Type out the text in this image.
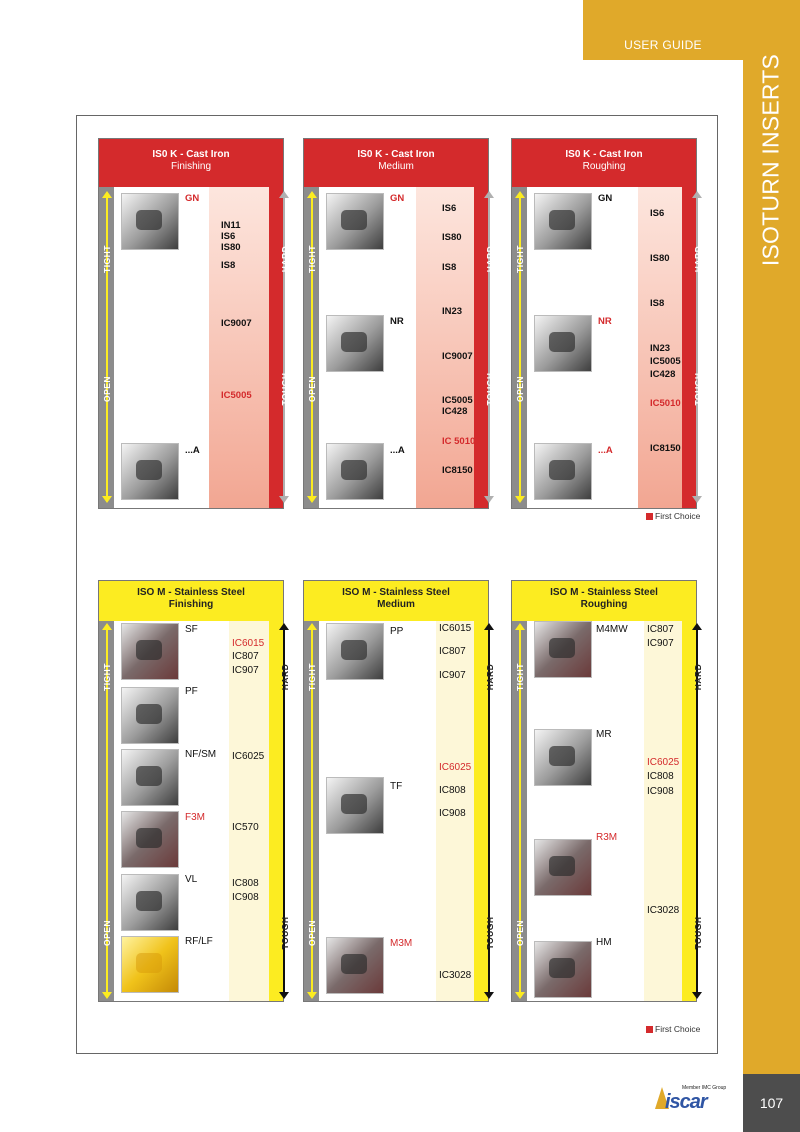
USER GUIDE
ISOTURN INSERTS
107
Member IMC Group
iscar
IS0 K - Cast Iron
Finishing
TIGHT
OPEN
HARD
TOUGH
GN
...A
IN11
IS6
IS80
IS8
IC9007
IC5005
IS0 K - Cast Iron
Medium
TIGHT
OPEN
HARD
TOUGH
GN
NR
...A
IS6
IS80
IS8
IN23
IC9007
IC5005
IC428
IC 5010
IC8150
IS0 K - Cast Iron
Roughing
TIGHT
OPEN
HARD
TOUGH
GN
NR
...A
IS6
IS80
IS8
IN23
IC5005
IC428
IC5010
IC8150
First Choice
ISO M - Stainless Steel
Finishing
TIGHT
OPEN
HARD
TOUGH
SF
PF
NF/SM
F3M
VL
RF/LF
IC6015
IC807
IC907
IC6025
IC570
IC808
IC908
ISO M - Stainless Steel
Medium
TIGHT
OPEN
HARD
TOUGH
PP
TF
M3M
IC6015
IC807
IC907
IC6025
IC808
IC908
IC3028
ISO M - Stainless Steel
Roughing
TIGHT
OPEN
HARD
TOUGH
M4MW
MR
R3M
HM
IC807
IC907
IC6025
IC808
IC908
IC3028
First Choice
